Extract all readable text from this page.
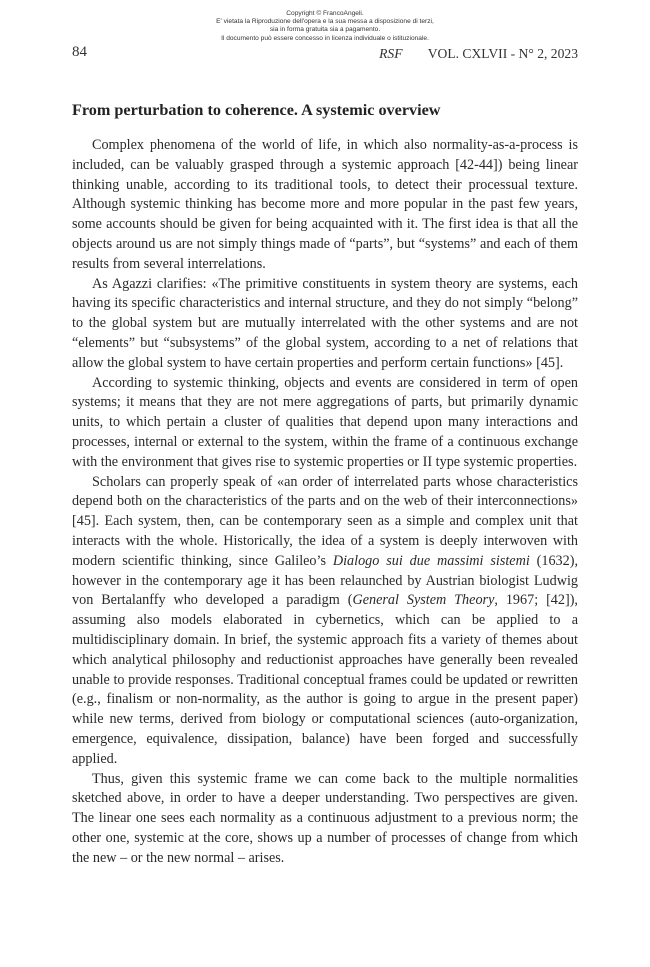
Copyright © FrancoAngeli.
E' vietata la Riproduzione dell'opera e la sua messa a disposizione di terzi,
sia in forma gratuita sia a pagamento.
Il documento può essere concesso in licenza individuale o istituzionale.
84	RSF VOL. CXLVII - N° 2, 2023
From perturbation to coherence. A systemic overview

Complex phenomena of the world of life, in which also normality-as-a-process is included, can be valuably grasped through a systemic approach [42-44]) being linear thinking unable, according to its traditional tools, to detect their processual texture. Although systemic thinking has become more and more popular in the past few years, some accounts should be given for being acquainted with it. The first idea is that all the objects around us are not simply things made of “parts”, but “systems” and each of them results from several interrelations.

As Agazzi clarifies: «The primitive constituents in system theory are systems, each having its specific characteristics and internal structure, and they do not simply “belong” to the global system but are mutually interrelated with the other systems and are not “elements” but “subsystems” of the global system, according to a net of relations that allow the global system to have certain properties and perform certain functions» [45].

According to systemic thinking, objects and events are considered in term of open systems; it means that they are not mere aggregations of parts, but primarily dynamic units, to which pertain a cluster of qualities that depend upon many interactions and processes, internal or external to the system, within the frame of a continuous exchange with the environment that gives rise to systemic properties or II type systemic properties.

Scholars can properly speak of «an order of interrelated parts whose characteristics depend both on the characteristics of the parts and on the web of their interconnections» [45]. Each system, then, can be contemporary seen as a simple and complex unit that interacts with the whole. Historically, the idea of a system is deeply interwoven with modern scientific thinking, since Galileo’s Dialogo sui due massimi sistemi (1632), however in the contemporary age it has been relaunched by Austrian biologist Ludwig von Bertalanffy who developed a paradigm (General System Theory, 1967; [42]), assuming also models elaborated in cybernetics, which can be applied to a multidisciplinary domain. In brief, the systemic approach fits a variety of themes about which analytical philosophy and reductionist approaches have generally been revealed unable to provide responses. Traditional conceptual frames could be updated or rewritten (e.g., finalism or non-normality, as the author is going to argue in the present paper) while new terms, derived from biology or computational sciences (auto-organization, emergence, equivalence, dissipation, balance) have been forged and successfully applied.

Thus, given this systemic frame we can come back to the multiple normalities sketched above, in order to have a deeper understanding. Two perspectives are given. The linear one sees each normality as a continuous adjustment to a previous norm; the other one, systemic at the core, shows up a number of processes of change from which the new – or the new normal – arises.
